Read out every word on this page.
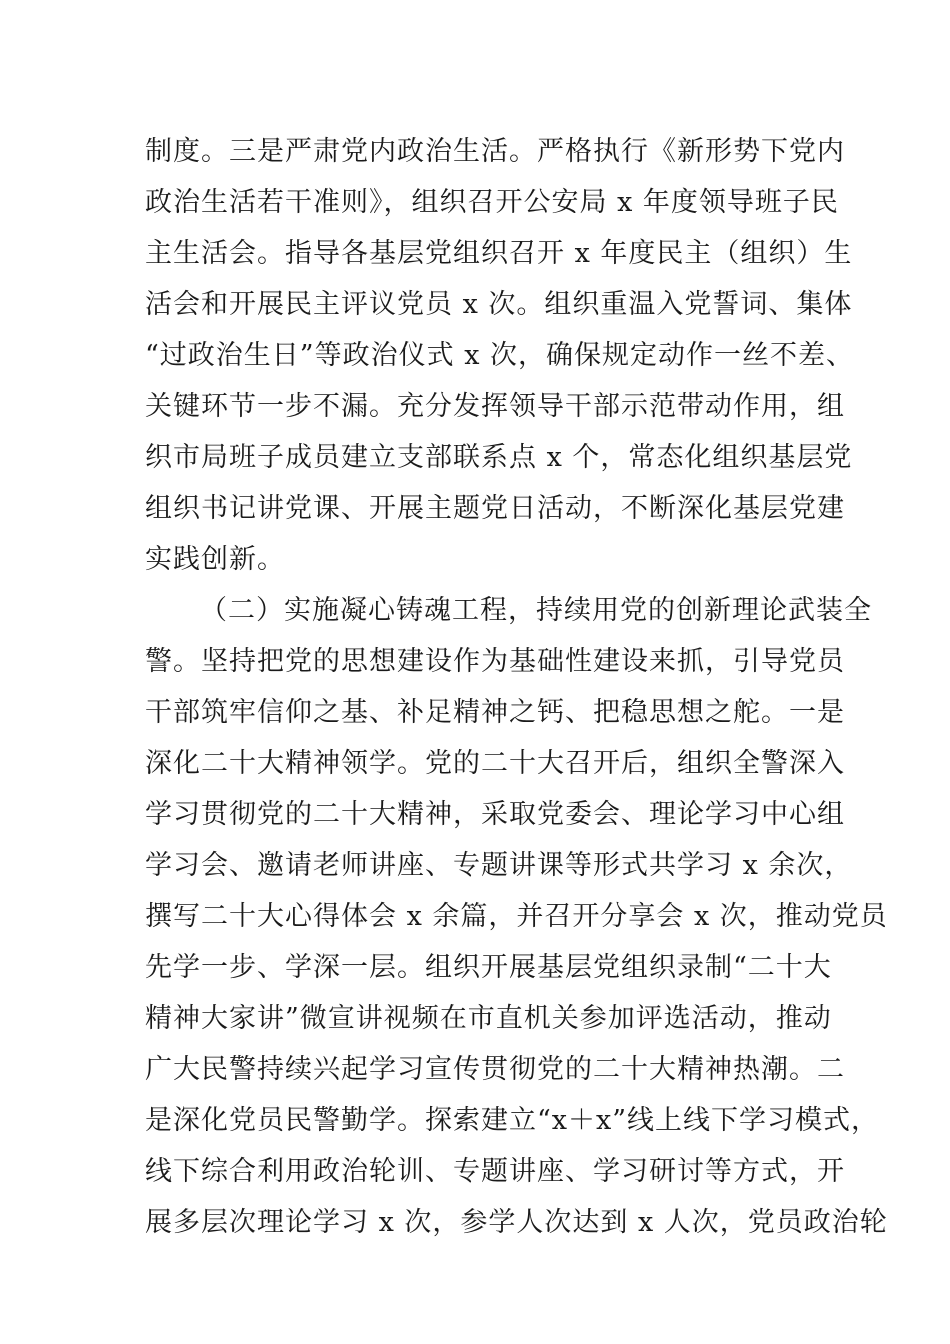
制度。三是严肃党内政治生活。严格执行《新形势下党内
政治生活若干准则》，组织召开公安局 x 年度领导班子民
主生活会。指导各基层党组织召开 x 年度民主（组织）生
活会和开展民主评议党员 x 次。组织重温入党誓词、集体
“过政治生日”等政治仪式 x 次，确保规定动作一丝不差、
关键环节一步不漏。充分发挥领导干部示范带动作用，组
织市局班子成员建立支部联系点 x 个，常态化组织基层党
组织书记讲党课、开展主题党日活动，不断深化基层党建
实践创新。
（二）实施凝心铸魂工程，持续用党的创新理论武装全
警。坚持把党的思想建设作为基础性建设来抓，引导党员
干部筑牢信仰之基、补足精神之钙、把稳思想之舵。一是
深化二十大精神领学。党的二十大召开后，组织全警深入
学习贯彻党的二十大精神，采取党委会、理论学习中心组
学习会、邀请老师讲座、专题讲课等形式共学习 x 余次，
撰写二十大心得体会 x 余篇，并召开分享会 x 次，推动党员
先学一步、学深一层。组织开展基层党组织录制“二十大
精神大家讲”微宣讲视频在市直机关参加评选活动，推动
广大民警持续兴起学习宣传贯彻党的二十大精神热潮。二
是深化党员民警勤学。探索建立“x＋x”线上线下学习模式，
线下综合利用政治轮训、专题讲座、学习研讨等方式，开
展多层次理论学习 x 次，参学人次达到 x 人次，党员政治轮
